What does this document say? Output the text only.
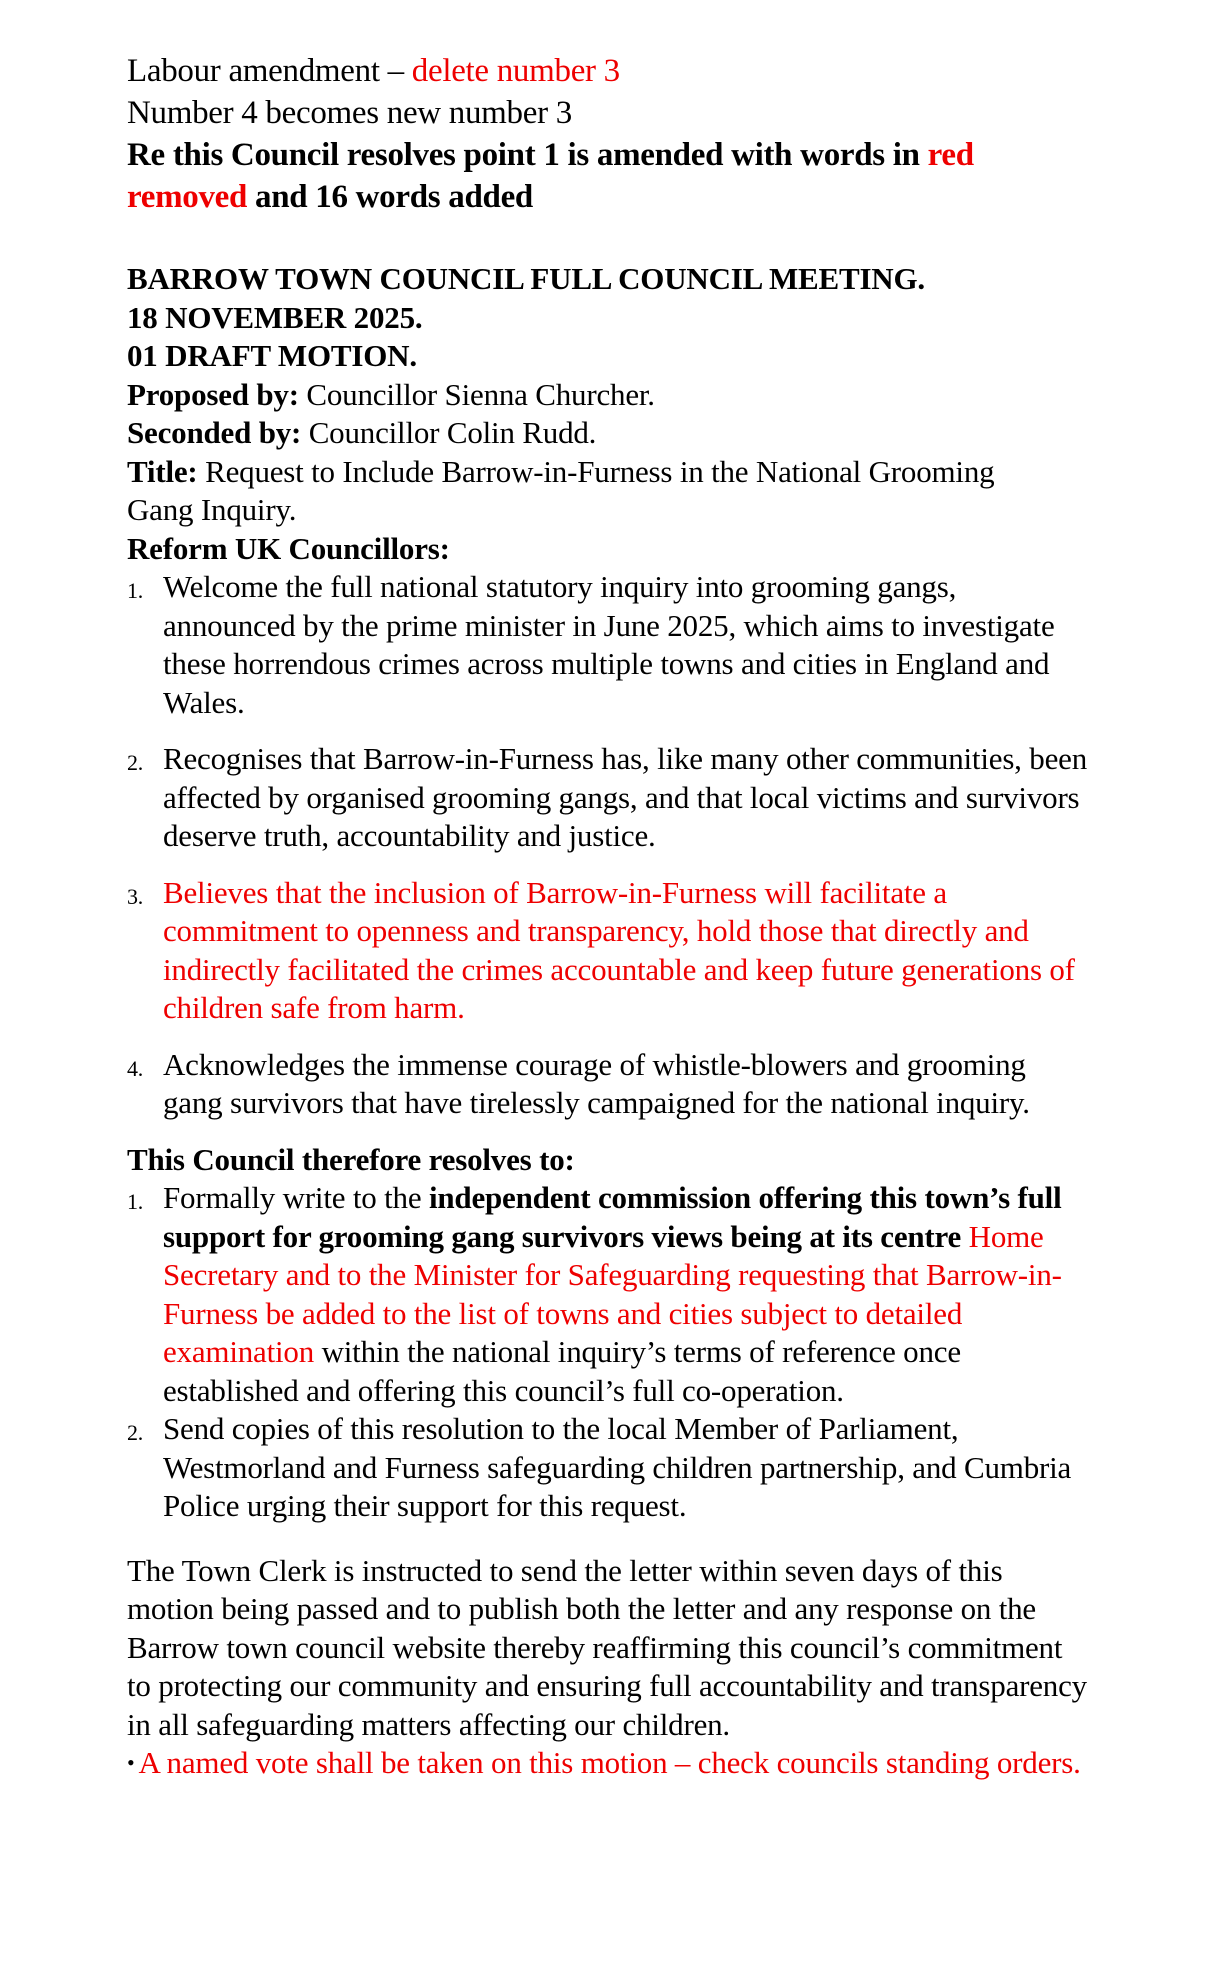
Labour amendment – delete number 3
Number 4 becomes new number 3
Re this Council resolves point 1 is amended with words in red
removed and 16 words added
BARROW TOWN COUNCIL FULL COUNCIL MEETING.
18 NOVEMBER 2025.
01 DRAFT MOTION.
Proposed by: Councillor Sienna Churcher.
Seconded by: Councillor Colin Rudd.
Title: Request to Include Barrow-in-Furness in the National Grooming Gang Inquiry.
Reform UK Councillors:
1. Welcome the full national statutory inquiry into grooming gangs, announced by the prime minister in June 2025, which aims to investigate these horrendous crimes across multiple towns and cities in England and Wales.
2. Recognises that Barrow-in-Furness has, like many other communities, been affected by organised grooming gangs, and that local victims and survivors deserve truth, accountability and justice.
3. Believes that the inclusion of Barrow-in-Furness will facilitate a commitment to openness and transparency, hold those that directly and indirectly facilitated the crimes accountable and keep future generations of children safe from harm.
4. Acknowledges the immense courage of whistle-blowers and grooming gang survivors that have tirelessly campaigned for the national inquiry.
This Council therefore resolves to:
1. Formally write to the independent commission offering this town’s full support for grooming gang survivors views being at its centre Home Secretary and to the Minister for Safeguarding requesting that Barrow-in-Furness be added to the list of towns and cities subject to detailed examination within the national inquiry’s terms of reference once established and offering this council’s full co-operation.
2. Send copies of this resolution to the local Member of Parliament, Westmorland and Furness safeguarding children partnership, and Cumbria Police urging their support for this request.
The Town Clerk is instructed to send the letter within seven days of this motion being passed and to publish both the letter and any response on the Barrow town council website thereby reaffirming this council’s commitment to protecting our community and ensuring full accountability and transparency in all safeguarding matters affecting our children.
• A named vote shall be taken on this motion – check councils standing orders.
